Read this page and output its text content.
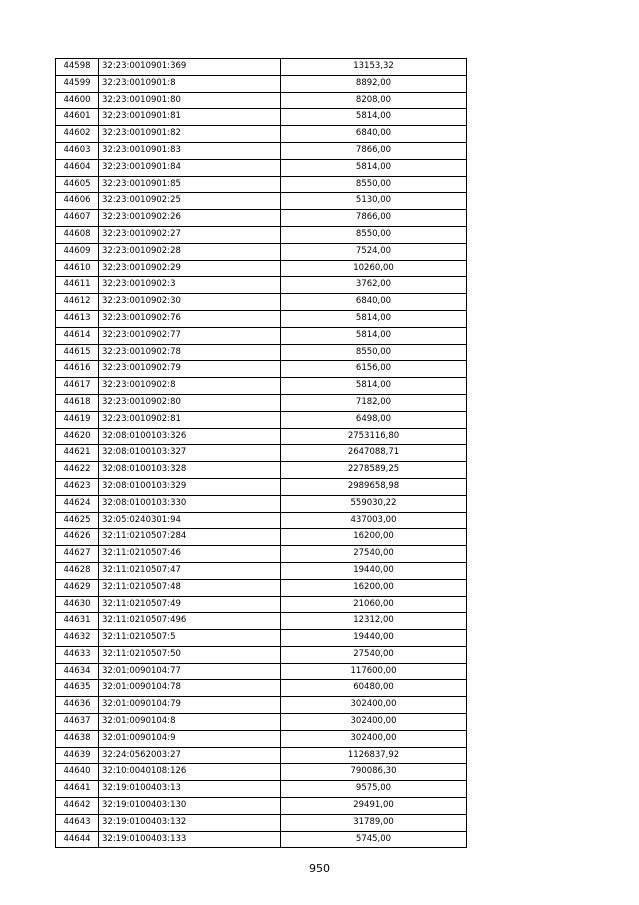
44598	32:23:0010901:369	13153,32
44599	32:23:0010901:8	8892,00
44600	32:23:0010901:80	8208,00
44601	32:23:0010901:81	5814,00
44602	32:23:0010901:82	6840,00
44603	32:23:0010901:83	7866,00
44604	32:23:0010901:84	5814,00
44605	32:23:0010901:85	8550,00
44606	32:23:0010902:25	5130,00
44607	32:23:0010902:26	7866,00
44608	32:23:0010902:27	8550,00
44609	32:23:0010902:28	7524,00
44610	32:23:0010902:29	10260,00
44611	32:23:0010902:3	3762,00
44612	32:23:0010902:30	6840,00
44613	32:23:0010902:76	5814,00
44614	32:23:0010902:77	5814,00
44615	32:23:0010902:78	8550,00
44616	32:23:0010902:79	6156,00
44617	32:23:0010902:8	5814,00
44618	32:23:0010902:80	7182,00
44619	32:23:0010902:81	6498,00
44620	32:08:0100103:326	2753116,80
44621	32:08:0100103:327	2647088,71
44622	32:08:0100103:328	2278589,25
44623	32:08:0100103:329	2989658,98
44624	32:08:0100103:330	559030,22
44625	32:05:0240301:94	437003,00
44626	32:11:0210507:284	16200,00
44627	32:11:0210507:46	27540,00
44628	32:11:0210507:47	19440,00
44629	32:11:0210507:48	16200,00
44630	32:11:0210507:49	21060,00
44631	32:11:0210507:496	12312,00
44632	32:11:0210507:5	19440,00
44633	32:11:0210507:50	27540,00
44634	32:01:0090104:77	117600,00
44635	32:01:0090104:78	60480,00
44636	32:01:0090104:79	302400,00
44637	32:01:0090104:8	302400,00
44638	32:01:0090104:9	302400,00
44639	32:24:0562003:27	1126837,92
44640	32:10:0040108:126	790086,30
44641	32:19:0100403:13	9575,00
44642	32:19:0100403:130	29491,00
44643	32:19:0100403:132	31789,00
44644	32:19:0100403:133	5745,00
950
